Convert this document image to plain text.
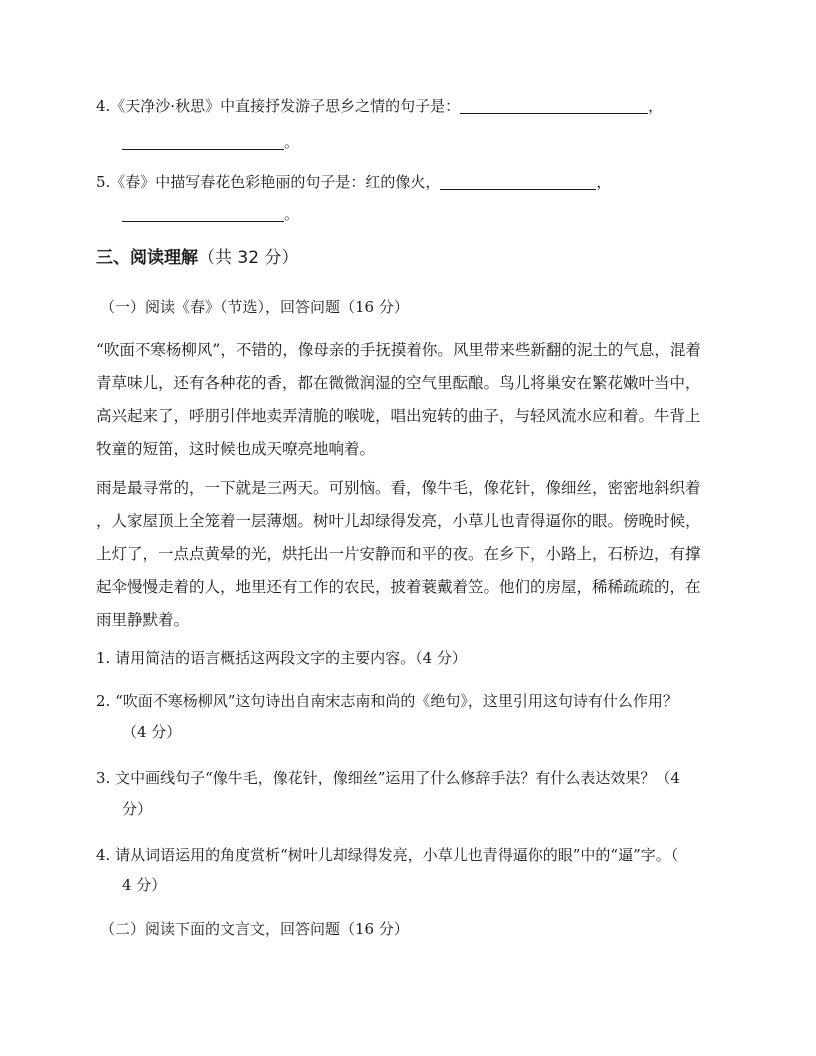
4.《天净沙·秋思》中直接抒发游子思乡之情的句子是：	，
。
5.《春》中描写春花色彩艳丽的句子是：红的像火，	，
。
三、阅读理解（共 32 分）
（一）阅读《春》（节选），回答问题（16 分）
“吹面不寒杨柳风”，不错的，像母亲的手抚摸着你。风里带来些新翻的泥土的气息，混着
青草味儿，还有各种花的香，都在微微润湿的空气里酝酿。鸟儿将巢安在繁花嫩叶当中，
高兴起来了，呼朋引伴地卖弄清脆的喉咙，唱出宛转的曲子，与轻风流水应和着。牛背上
牧童的短笛，这时候也成天嘹亮地响着。
雨是最寻常的，一下就是三两天。可别恼。看，像牛毛，像花针，像细丝，密密地斜织着
，人家屋顶上全笼着一层薄烟。树叶儿却绿得发亮，小草儿也青得逼你的眼。傍晚时候，
上灯了，一点点黄晕的光，烘托出一片安静而和平的夜。在乡下，小路上，石桥边，有撑
起伞慢慢走着的人，地里还有工作的农民，披着蓑戴着笠。他们的房屋，稀稀疏疏的，在
雨里静默着。
1. 请用简洁的语言概括这两段文字的主要内容。（4 分）
2. “吹面不寒杨柳风”这句诗出自南宋志南和尚的《绝句》，这里引用这句诗有什么作用？
（4 分）
3. 文中画线句子“像牛毛，像花针，像细丝”运用了什么修辞手法？有什么表达效果？（4
分）
4. 请从词语运用的角度赏析“树叶儿却绿得发亮，小草儿也青得逼你的眼”中的“逼”字。（
4 分）
（二）阅读下面的文言文，回答问题（16 分）
